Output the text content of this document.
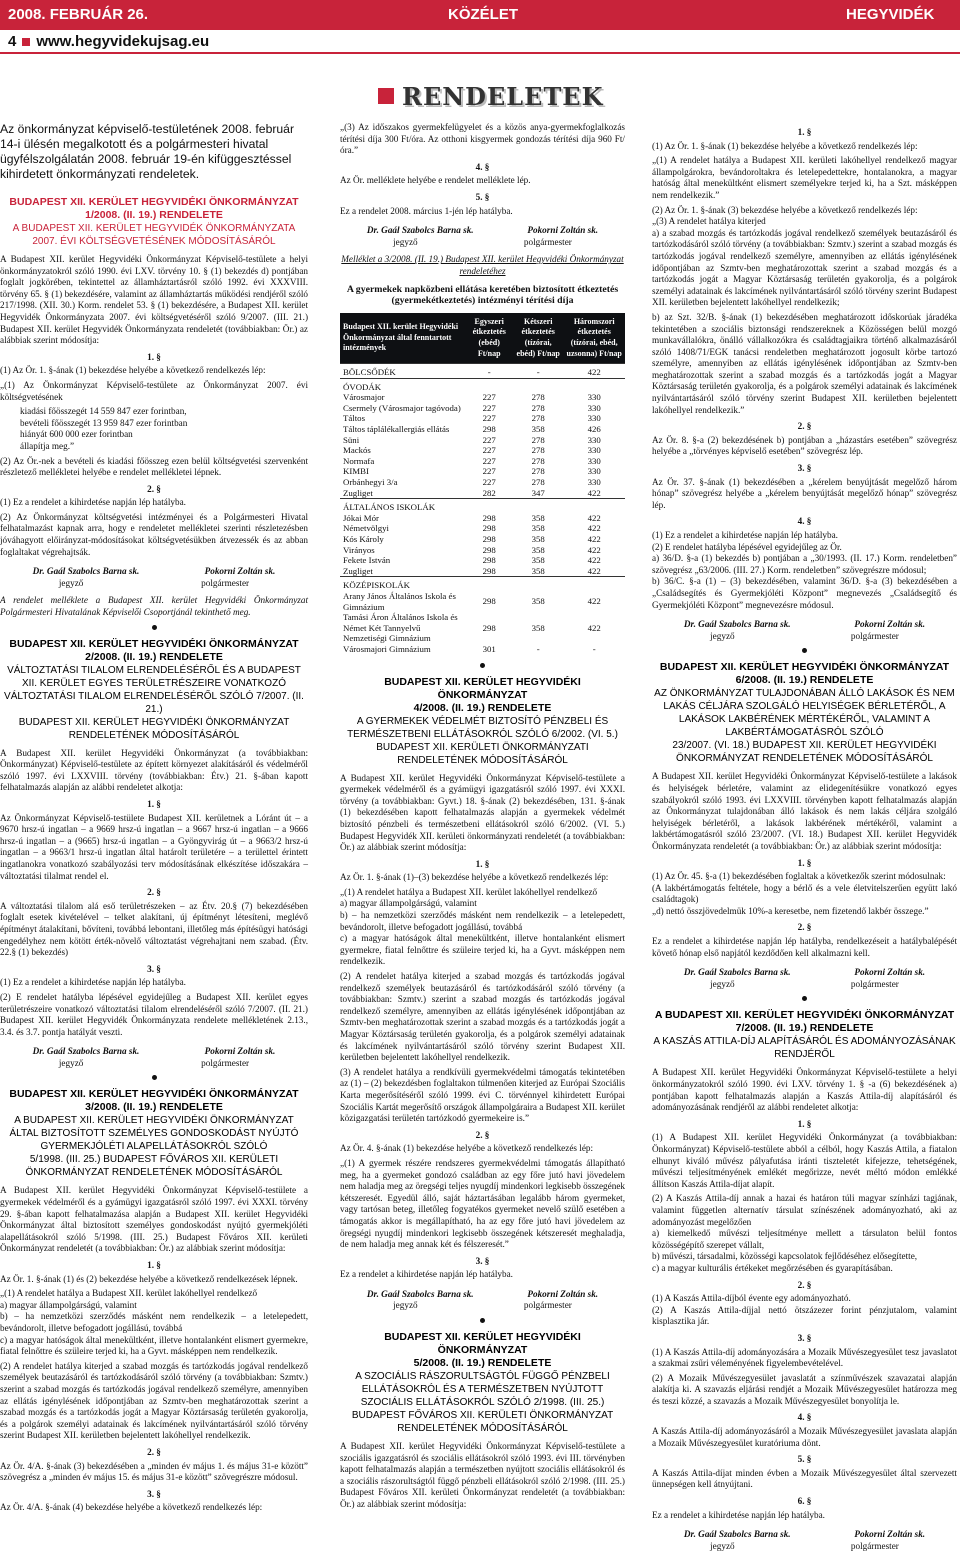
2008. FEBRUÁR 26.	KÖZÉLET	HEGYVIDÉK
4 www.hegyvidekujsag.eu
RENDELETEK

Az önkormányzat képviselő-testületének 2008. február 14-i ülésén megalkotott és a polgármesteri hivatal ügyfélszolgálatán 2008. február 19-én kifüggesztéssel kihirdetett önkormányzati rendeletek.

BUDAPEST XII. KERÜLET HEGYVIDÉKI ÖNKORMÁNYZAT
1/2008. (II. 19.) RENDELETE
A BUDAPEST XII. KERÜLET HEGYVIDÉK ÖNKORMÁNYZATA
2007. ÉVI KÖLTSÉGVETÉSÉNEK MÓDOSÍTÁSÁRÓL

A Budapest XII. kerület Hegyvidéki Önkormányzat Képviselő-testülete a helyi önkormányzatokról szóló 1990. évi LXV. törvény 10. § (1) bekezdés d) pontjában foglalt jogkörében, tekintettel az államháztartásról szóló 1992. évi XXXVIII. törvény 65. § (1) bekezdésére, valamint az államháztartás működési rendjéről szóló 217/1998. (XII. 30.) Korm. rendelet 53. § (1) bekezdésére, a Budapest XII. kerület Hegyvidék Önkormányzata 2007. évi költségvetéséről szóló 9/2007. (III. 21.) Budapest XII. kerület Hegyvidék Önkormányzata rendeletét (továbbiakban: Ör.) az alábbiak szerint módosítja:

1. §

(1) Az Ör. 1. §-ának (1) bekezdése helyébe a következő rendelkezés lép:

„(1) Az Önkormányzat Képviselő-testülete az Önkormányzat 2007. évi költségvetésének

kiadási főösszegét 14 559 847 ezer forintban,

bevételi főösszegét 13 959 847 ezer forintban

hiányát 600 000 ezer forintban

állapítja meg.”

(2) Az Ör.-nek a bevételi és kiadási főösszeg ezen belül költségvetési szervenként részletező mellékletei helyébe e rendelet mellékletei lépnek.

2. §

(1) Ez a rendelet a kihirdetése napján lép hatályba.

(2) Az Önkormányzat költségvetési intézményei és a Polgármesteri Hivatal felhatalmazást kapnak arra, hogy e rendeletet mellékletei szerinti részletezésben jóváhagyott előirányzat-módosításokat költségvetésükben átvezessék és az abban foglaltakat végrehajtsák.

Dr. Gaál Szabolcs Barna sk.	Pokorni Zoltán sk.
jegyző	polgármester

A rendelet melléklete a Budapest XII. kerület Hegyvidéki Önkormányzat Polgármesteri Hivatalának Képviselői Csoportjánál tekinthető meg.

BUDAPEST XII. KERÜLET HEGYVIDÉKI ÖNKORMÁNYZAT
2/2008. (II. 19.) RENDELETE
VÁLTOZTATÁSI TILALOM ELRENDELÉSÉRŐL ÉS A BUDAPEST XII. KERÜLET EGYES TERÜLETRÉSZEIRE VONATKOZÓ VÁLTOZTATÁSI TILALOM ELRENDELÉSÉRŐL SZÓLÓ 7/2007. (II. 21.)
BUDAPEST XII. KERÜLET HEGYVIDÉKI ÖNKORMÁNYZAT RENDELETÉNEK MÓDOSÍTÁSÁRÓL

A Budapest XII. kerület Hegyvidéki Önkormányzat (a továbbiakban: Önkormányzat) Képviselő-testülete az épített környezet alakításáról és védelméről szóló 1997. évi LXXVIII. törvény (továbbiakban: Étv.) 21. §-ában kapott felhatalmazás alapján az alábbi rendeletet alkotja:

1. §

Az Önkormányzat Képviselő-testülete Budapest XII. kerületnek a Lóránt út – a 9670 hrsz-ú ingatlan – a 9669 hrsz-ú ingatlan – a 9667 hrsz-ú ingatlan – a 9666 hrsz-ú ingatlan – a (9665) hrsz-ú ingatlan – a Gyöngyvirág út – a 9663/2 hrsz-ú ingatlan – a 9663/1 hrsz-ú ingatlan által határolt területére – a területtel érintett ingatlanokra vonatkozó szabályozási terv módosításának elkészítése időszakára – változtatási tilalmat rendel el.

2. §

A változtatási tilalom alá eső területrészeken – az Étv. 20.§ (7) bekezdésében foglalt esetek kivételével – telket alakítani, új építményt létesíteni, meglévő építményt átalakítani, bővíteni, továbbá lebontani, illetőleg más építésügyi hatósági engedélyhez nem kötött érték-növelő változtatást végrehajtani nem szabad. (Étv. 22.§ (1) bekezdés)

3. §

(1) Ez a rendelet a kihirdetése napján lép hatályba.

(2) E rendelet hatályba lépésével egyidejűleg a Budapest XII. kerület egyes területrészeire vonatkozó változtatási tilalom elrendeléséről szóló 7/2007. (II. 21.) Budapest XII. kerület Hegyvidék Önkormányzata rendelete mellékletének 2.13., 3.4. és 3.7. pontja hatályát veszti.

Dr. Gaál Szabolcs Barna sk.	Pokorni Zoltán sk.
jegyző	polgármester
BUDAPEST XII. KERÜLET HEGYVIDÉKI ÖNKORMÁNYZAT
3/2008. (II. 19.) RENDELETE
A BUDAPEST XII. KERÜLET HEGYVIDÉKI ÖNKORMÁNYZAT ÁLTAL BIZTOSÍTOTT SZEMÉLYES GONDOSKODÁST NYÚJTÓ GYERMEKJÓLÉTI ALAPELLÁTÁSOKRÓL SZÓLÓ
5/1998. (III. 25.) BUDAPEST FŐVÁROS XII. KERÜLETI ÖNKORMÁNYZAT RENDELETÉNEK MÓDOSÍTÁSÁRÓL

A Budapest XII. kerület Hegyvidéki Önkormányzat Képviselő-testülete a gyermekek védelméről és a gyámügyi igazgatásról szóló 1997. évi XXXI. törvény 29. §-ában kapott felhatalmazása alapján a Budapest XII. kerület Hegyvidéki Önkormányzat által biztosított személyes gondoskodást nyújtó gyermekjóléti alapellátásokról szóló 5/1998. (III. 25.) Budapest Főváros XII. kerületi Önkormányzat rendeletét (a továbbiakban: Ör.) az alábbiak szerint módosítja:

1. §

Az Ör. 1. §-ának (1) és (2) bekezdése helyébe a következő rendelkezések lépnek.

„(1) A rendelet hatálya a Budapest XII. kerület lakóhellyel rendelkező

a) magyar állampolgárságú, valamint

b) – ha nemzetközi szerződés másként nem rendelkezik – a letelepedett, bevándorolt, illetve befogadott jogállású, továbbá

c) a magyar hatóságok által menekültként, illetve hontalanként elismert gyermekre, fiatal felnőttre és szüleire terjed ki, ha a Gyvt. másképpen nem rendelkezik.

(2) A rendelet hatálya kiterjed a szabad mozgás és tartózkodás jogával rendelkező személyek beutazásáról és tartózkodásáról szóló törvény (a továbbiakban: Szmtv.) szerint a szabad mozgás és tartózkodás jogával rendelkező személyre, amennyiben az ellátás igénylésének időpontjában az Szmtv-ben meghatározottak szerint a szabad mozgás és a tartózkodás jogát a Magyar Köztársaság területén gyakorolja, és a polgárok személyi adatainak és lakcímének nyilvántartásáról szóló törvény szerint Budapest XII. kerületben bejelentett lakóhellyel rendelkezik.

2. §

Az Ör. 4/A. §-ának (3) bekezdésében a „minden év május 1. és május 31-e között” szövegrész a „minden év május 15. és május 31-e között” szövegrészre módosul.

3. §

Az Ör. 4/A. §-ának (4) bekezdése helyébe a következő rendelkezés lép:

„(3) Az időszakos gyermekfelügyelet és a közös anya-gyermekfoglalkozás térítési díja 300 Ft/óra. Az otthoni kisgyermek gondozás térítési díja 960 Ft/óra.”

4. §

Az Ör. melléklete helyébe e rendelet melléklete lép.

5. §

Ez a rendelet 2008. március 1-jén lép hatályba.

Dr. Gaál Szabolcs Barna sk.	Pokorni Zoltán sk.
jegyző	polgármester

Melléklet a 3/2008. (II. 19.) Budapest XII. kerület Hegyvidéki Önkormányzat rendeletéhez

A gyermekek napközbeni ellátása keretében biztosított étkeztetés (gyermekétkeztetés) intézményi térítési díja
Budapest XII. kerület Hegyvidéki Önkormányzat által fenntartott intézmények	Egyszeri étkeztetés (ebéd) Ft/nap	Kétszeri étkeztetés (tízórai, ebéd) Ft/nap	Háromszori étkeztetés (tízórai, ebéd, uzsonna) Ft/nap
BÖLCSŐDÉK	-	-	422
ÓVODÁK			
Városmajor	227	278	330
Csermely (Városmajor tagóvoda)	227	278	330
Táltos	227	278	330
Táltos táplálékallergiás ellátás	298	358	426
Süni	227	278	330
Mackós	227	278	330
Normafa	227	278	330
KIMBI	227	278	330
Orbánhegyi 3/a	227	278	330
Zugliget	282	347	422
ÁLTALÁNOS ISKOLÁK			
Jókai Mór	298	358	422
Németvölgyi	298	358	422
Kós Károly	298	358	422
Virányos	298	358	422
Fekete István	298	358	422
Zugliget	298	358	422
KÖZÉPISKOLÁK			
Arany János Általános Iskola és Gimnázium	298	358	422
Tamási Áron Általános Iskola és Német Két Tannyelvű Nemzetiségi Gimnázium	298	358	422
Városmajori Gimnázium	301	-	-
BUDAPEST XII. KERÜLET HEGYVIDÉKI ÖNKORMÁNYZAT
4/2008. (II. 19.) RENDELETE
A GYERMEKEK VÉDELMÉT BIZTOSÍTÓ PÉNZBELI ÉS TERMÉSZETBENI ELLÁTÁSOKRÓL SZÓLÓ 6/2002. (VI. 5.) BUDAPEST XII. KERÜLETI ÖNKORMÁNYZATI RENDELETÉNEK MÓDOSÍTÁSÁRÓL

A Budapest XII. kerület Hegyvidéki Önkormányzat Képviselő-testülete a gyermekek védelméről és a gyámügyi igazgatásról szóló 1997. évi XXXI. törvény (a továbbiakban: Gyvt.) 18. §-ának (2) bekezdésében, 131. §-ának (1) bekezdésében kapott felhatalmazás alapján a gyermekek védelmét biztosító pénzbeli és természetbeni ellátásokról szóló 6/2002. (VI. 5.) Budapest Hegyvidék XII. kerületi önkormányzati rendeletét (a továbbiakban: Ör.) az alábbiak szerint módosítja:

1. §

Az Ör. 1. §-ának (1)–(3) bekezdése helyébe a következő rendelkezés lép:

„(1) A rendelet hatálya a Budapest XII. kerület lakóhellyel rendelkező

a) magyar állampolgárságú, valamint

b) – ha nemzetközi szerződés másként nem rendelkezik – a letelepedett, bevándorolt, illetve befogadott jogállású, továbbá

c) a magyar hatóságok által menekültként, illetve hontalanként elismert gyermekre, fiatal felnőttre és szüleire terjed ki, ha a Gyvt. másképpen nem rendelkezik.

(2) A rendelet hatálya kiterjed a szabad mozgás és tartózkodás jogával rendelkező személyek beutazásáról és tartózkodásáról szóló törvény (a továbbiakban: Szmtv.) szerint a szabad mozgás és tartózkodás jogával rendelkező személyre, amennyiben az ellátás igénylésének időpontjában az Szmtv-ben meghatározottak szerint a szabad mozgás és a tartózkodás jogát a Magyar Köztársaság területén gyakorolja, és a polgárok személyi adatainak és lakcímének nyilvántartásáról szóló törvény szerint Budapest XII. kerületben bejelentett lakóhellyel rendelkezik.

(3) A rendelet hatálya a rendkívüli gyermekvédelmi támogatás tekintetében az (1) – (2) bekezdésben foglaltakon túlmenően kiterjed az Európai Szociális Karta megerősítéséről szóló 1999. évi C. törvénnyel kihirdetett Európai Szociális Kartát megerősítő országok állampolgáraira a Budapest XII. kerület közigazgatási területén tartózkodó gyermekeire is.”

2. §

Az Ör. 4. §-ának (1) bekezdése helyébe a következő rendelkezés lép:

„(1) A gyermek részére rendszeres gyermekvédelmi támogatás állapítható meg, ha a gyermeket gondozó családban az egy főre jutó havi jövedelem nem haladja meg az öregségi teljes nyugdíj mindenkori legkisebb összegének kétszeresét. Egyedül álló, saját háztartásában legalább három gyermeket, vagy tartósan beteg, illetőleg fogyatékos gyermeket nevelő szülő esetében a támogatás akkor is megállapítható, ha az egy főre jutó havi jövedelem az öregségi nyugdíj mindenkori legkisebb összegének kétszeresét meghaladja, de nem haladja meg annak két és félszeresét.”

3. §

Ez a rendelet a kihirdetése napján lép hatályba.

Dr. Gaál Szabolcs Barna sk.	Pokorni Zoltán sk.
jegyző	polgármester
BUDAPEST XII. KERÜLET HEGYVIDÉKI ÖNKORMÁNYZAT
5/2008. (II. 19.) RENDELETE
A SZOCIÁLIS RÁSZORULTSÁGTÓL FÜGGŐ PÉNZBELI ELLÁTÁSOKRÓL ÉS A TERMÉSZETBEN NYÚJTOTT SZOCIÁLIS ELLÁTÁSOKRÓL SZÓLÓ 2/1998. (III. 25.) BUDAPEST FŐVÁROS XII. KERÜLETI ÖNKORMÁNYZAT RENDELETÉNEK MÓDOSÍTÁSÁRÓL

A Budapest XII. kerület Hegyvidéki Önkormányzat Képviselő-testülete a szociális igazgatásról és szociális ellátásokról szóló 1993. évi III. törvényben kapott felhatalmazás alapján a természetben nyújtott szociális ellátásokról és a szociális rászorultságtól függő pénzbeli ellátásokról szóló 2/1998. (III. 25.) Budapest Főváros XII. kerületi Önkormányzat rendeletét (a továbbiakban: Ör.) az alábbiak szerint módosítja:

1. §

(1) Az Ör. 1. §-ának (1) bekezdése helyébe a következő rendelkezés lép:

„(1) A rendelet hatálya a Budapest XII. kerületi lakóhellyel rendelkező magyar állampolgárokra, bevándoroltakra és letelepedettekre, hontalanokra, a magyar hatóság által menekültként elismert személyekre terjed ki, ha a Szt. másképpen nem rendelkezik.”

(2) Az Ör. 1. §-ának (3) bekezdése helyébe a következő rendelkezés lép:

„(3) A rendelet hatálya kiterjed

a) a szabad mozgás és tartózkodás jogával rendelkező személyek beutazásáról és tartózkodásáról szóló törvény (a továbbiakban: Szmtv.) szerint a szabad mozgás és tartózkodás jogával rendelkező személyre, amennyiben az ellátás igénylésének időpontjában az Szmtv-ben meghatározottak szerint a szabad mozgás és a tartózkodás jogát a Magyar Köztársaság területén gyakorolja, és a polgárok személyi adatainak és lakcímének nyilvántartásáról szóló törvény szerint Budapest XII. kerületben bejelentett lakóhellyel rendelkezik;

b) az Szt. 32/B. §-ának (1) bekezdésében meghatározott időskorúak járadéka tekintetében a szociális biztonsági rendszereknek a Közösségen belül mozgó munkavállalókra, önálló vállalkozókra és családtagjaikra történő alkalmazásáról szóló 1408/71/EGK tanácsi rendeletben meghatározott jogosult körbe tartozó személyre, amennyiben az ellátás igénylésének időpontjában az Szmtv-ben meghatározottak szerint a szabad mozgás és a tartózkodás jogát a Magyar Köztársaság területén gyakorolja, és a polgárok személyi adatainak és lakcímének nyilvántartásáról szóló törvény szerint Budapest XII. kerületben bejelentett lakóhellyel rendelkezik.”

2. §

Az Ör. 8. §-a (2) bekezdésének b) pontjában a „házastárs esetében” szövegrész helyébe a „törvényes képviselő esetében” szövegrész lép.

3. §

Az Ör. 37. §-ának (1) bekezdésében a „kérelem benyújtását megelőző három hónap” szövegrész helyébe a „kérelem benyújtását megelőző hónap” szövegrész lép.

4. §

(1) Ez a rendelet a kihirdetése napján lép hatályba.

(2) E rendelet hatályba lépésével egyidejűleg az Ör.

a) 36/D. §-a (1) bekezdés b) pontjában a „30/1993. (II. 17.) Korm. rendeletben” szövegrész „63/2006. (III. 27.) Korm. rendeletben” szövegrészre módosul;

b) 36/C. §-a (1) – (3) bekezdésében, valamint 36/D. §-a (3) bekezdésében a „Családsegítés és Gyermekjóléti Központ” megnevezés „Családsegítő és Gyermekjóléti Központ” megnevezésre módosul.

Dr. Gaál Szabolcs Barna sk.	Pokorni Zoltán sk.
jegyző	polgármester
BUDAPEST XII. KERÜLET HEGYVIDÉKI ÖNKORMÁNYZAT
6/2008. (II. 19.) RENDELETE
AZ ÖNKORMÁNYZAT TULAJDONÁBAN ÁLLÓ LAKÁSOK ÉS NEM LAKÁS CÉLJÁRA SZOLGÁLÓ HELYISÉGEK BÉRLETÉRŐL, A LAKÁSOK LAKBÉRÉNEK MÉRTÉKÉRŐL, VALAMINT A LAKBÉRTÁMOGATÁSRÓL SZÓLÓ
23/2007. (VI. 18.) BUDAPEST XII. KERÜLET HEGYVIDÉKI ÖNKORMÁNYZAT RENDELETÉNEK MÓDOSÍTÁSÁRÓL

A Budapest XII. kerület Hegyvidéki Önkormányzat Képviselő-testülete a lakások és helyiségek bérletére, valamint az elidegenítésükre vonatkozó egyes szabályokról szóló 1993. évi LXXVIII. törvényben kapott felhatalmazás alapján az Önkormányzat tulajdonában álló lakások és nem lakás céljára szolgáló helyiségek bérletéről, a lakások lakbérének mértékéről, valamint a lakbértámogatásról szóló 23/2007. (VI. 18.) Budapest XII. kerület Hegyvidék Önkormányzata rendeletét (a továbbiakban: Ör.) az alábbiak szerint módosítja:

1. §

(1) Az Ör. 45. §-a (1) bekezdésében foglaltak a következők szerint módosulnak:

(A lakbértámogatás feltétele, hogy a bérlő és a vele életvitelszerűen együtt lakó családtagok)

„d) nettó összjövedelmük 10%-a keresetbe, nem fizetendő lakbér összege.”

2. §

Ez a rendelet a kihirdetése napján lép hatályba, rendelkezéseit a hatálybalépését követő hónap első napjától kezdődően kell alkalmazni kell.

Dr. Gaál Szabolcs Barna sk.	Pokorni Zoltán sk.
jegyző	polgármester
A BUDAPEST XII. KERÜLET HEGYVIDÉKI ÖNKORMÁNYZAT
7/2008. (II. 19.) RENDELETE
A KASZÁS ATTILA-DÍJ ALAPÍTÁSÁRÓL ÉS ADOMÁNYOZÁSÁNAK RENDJÉRŐL

A Budapest XII. kerület Hegyvidéki Önkormányzat Képviselő-testülete a helyi önkormányzatokról szóló 1990. évi LXV. törvény 1. § -a (6) bekezdésének a) pontjában kapott felhatalmazás alapján a Kaszás Attila-díj alapításáról és adományozásának rendjéről az alábbi rendeletet alkotja:

1. §

(1) A Budapest XII. kerület Hegyvidéki Önkormányzat (a továbbiakban: Önkormányzat) Képviselő-testülete abból a célból, hogy Kaszás Attila, a fiatalon elhunyt kiváló művész pályafutása iránti tiszteletét kifejezze, tehetségének, művészi teljesítményének emlékét megőrizze, nevét méltó módon emlékké állítson Kaszás Attila-díjat alapít.

(2) A Kaszás Attila-díj annak a hazai és határon túli magyar színházi tagjának, valamint független alternatív társulat színészének adományozható, aki az adományozást megelőzően

a) kiemelkedő művészi teljesítménye mellett a társulaton belül fontos közösségépítő szerepet vállalt,

b) művészi, társadalmi, közösségi kapcsolatok fejlődéséhez elősegítette,

c) a magyar kulturális értékeket megőrzésében és gyarapításában.

2. §

(1) A Kaszás Attila-díjból évente egy adományozható.

(2) A Kaszás Attila-díjjal nettó ötszázezer forint pénzjutalom, valamint kisplasztika jár.

3. §

(1) A Kaszás Attila-díj adományozására a Mozaik Művészegyesület tesz javaslatot a szakmai zsűri véleményének figyelembevételével.

(2) A Mozaik Művészegyesület javaslatát a színművészek szavazatai alapján alakítja ki. A szavazás eljárási rendjét a Mozaik Művészegyesület határozza meg és teszi közzé, a szavazás a Mozaik Művészegyesület bonyolítja le.

4. §

A Kaszás Attila-díj adományozásáról a Mozaik Művészegyesület javaslata alapján a Mozaik Művészegyesület kuratóriuma dönt.

5. §

A Kaszás Attila-díjat minden évben a Mozaik Művészegyesület által szervezett ünnepségen kell átnyújtani.

6. §

Ez a rendelet a kihirdetése napján lép hatályba.

Dr. Gaál Szabolcs Barna sk.	Pokorni Zoltán sk.
jegyző	polgármester
